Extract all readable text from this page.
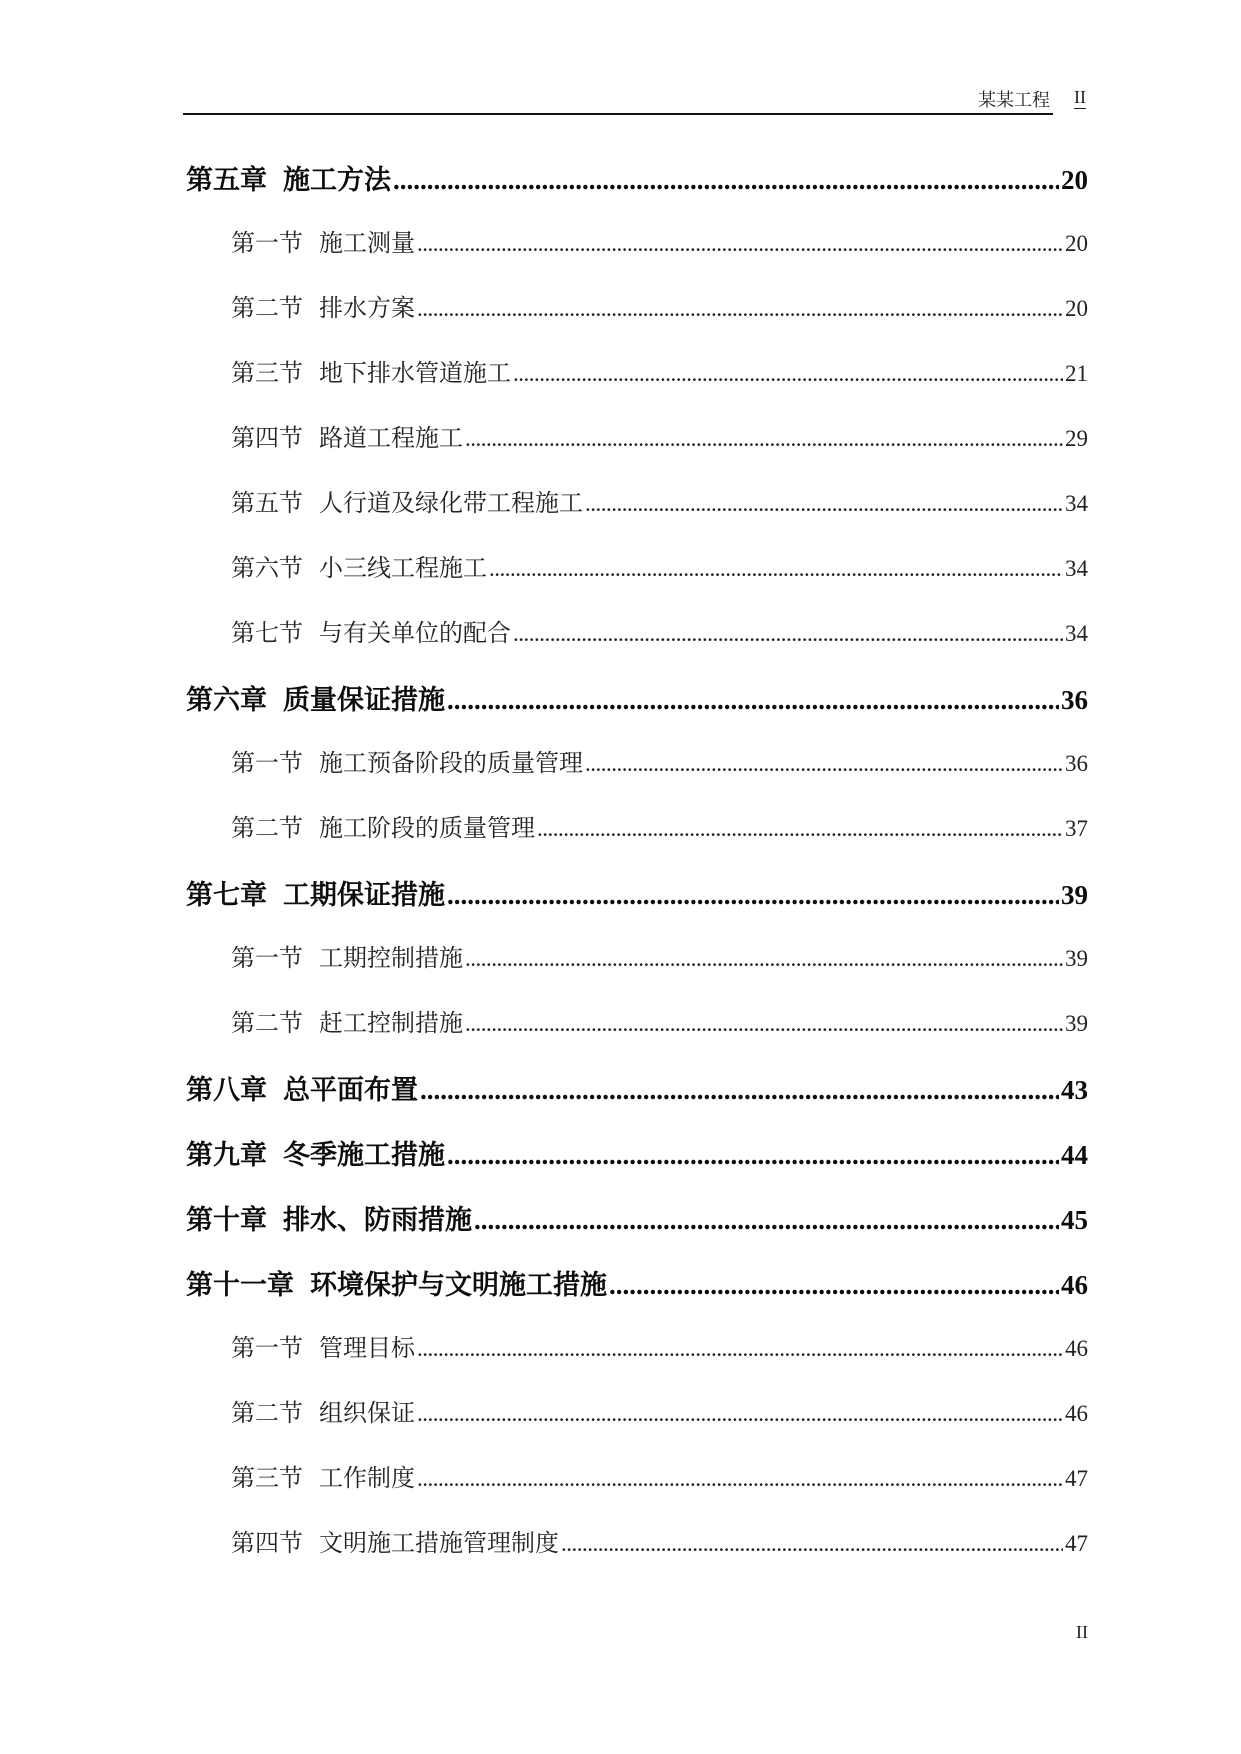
某某工程 II
第五章 施工方法 .....	20
第一节 施工测量 .....	20
第二节 排水方案 .....	20
第三节 地下排水管道施工 .....	21
第四节 路道工程施工 .....	29
第五节 人行道及绿化带工程施工 .....	34
第六节 小三线工程施工 .....	34
第七节 与有关单位的配合 .....	34
第六章 质量保证措施 .....	36
第一节 施工预备阶段的质量管理 .....	36
第二节 施工阶段的质量管理 .....	37
第七章 工期保证措施 .....	39
第一节 工期控制措施 .....	39
第二节 赶工控制措施 .....	39
第八章 总平面布置 .....	43
第九章 冬季施工措施 .....	44
第十章 排水、防雨措施 .....	45
第十一章 环境保护与文明施工措施 .....	46
第一节 管理目标 .....	46
第二节 组织保证 .....	46
第三节 工作制度 .....	47
第四节 文明施工措施管理制度 .....	47
II
